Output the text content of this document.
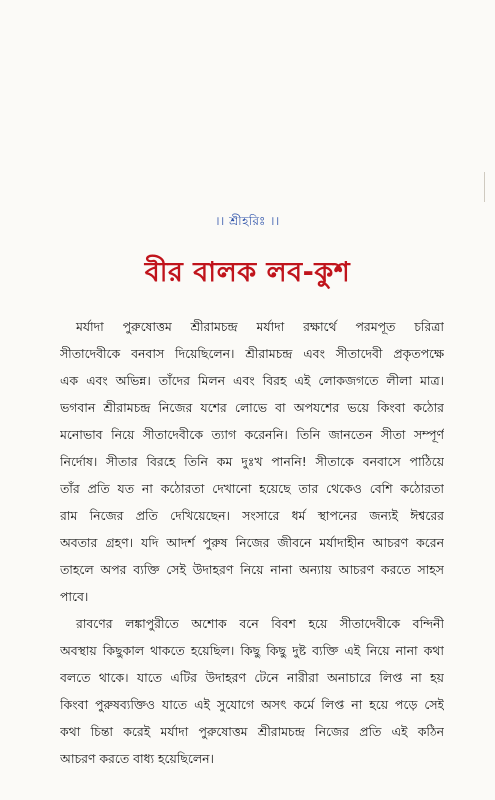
।। শ্রীহরিঃ ।।
বীর বালক লব-কুশ
মর্যাদা পুরুষোত্তম শ্রীরামচন্দ্র মর্যাদা রক্ষার্থে পরমপূত চরিত্রা
সীতাদেবীকে বনবাস দিয়েছিলেন। শ্রীরামচন্দ্র এবং সীতাদেবী প্রকৃতপক্ষে
এক এবং অভিন্ন। তাঁদের মিলন এবং বিরহ এই লোকজগতে লীলা মাত্র।
ভগবান শ্রীরামচন্দ্র নিজের যশের লোভে বা অপযশের ভয়ে কিংবা কঠোর
মনোভাব নিয়ে সীতাদেবীকে ত্যাগ করেননি। তিনি জানতেন সীতা সম্পূর্ণ
নির্দোষ। সীতার বিরহে তিনি কম দুঃখ পাননি! সীতাকে বনবাসে পাঠিয়ে
তাঁর প্রতি যত না কঠোরতা দেখানো হয়েছে তার থেকেও বেশি কঠোরতা
রাম নিজের প্রতি দেখিয়েছেন। সংসারে ধর্ম স্থাপনের জন্যই ঈশ্বরের
অবতার গ্রহণ। যদি আদর্শ পুরুষ নিজের জীবনে মর্যাদাহীন আচরণ করেন
তাহলে অপর ব্যক্তি সেই উদাহরণ নিয়ে নানা অন্যায় আচরণ করতে সাহস
পাবে।
রাবণের লঙ্কাপুরীতে অশোক বনে বিবশ হয়ে সীতাদেবীকে বন্দিনী
অবস্থায় কিছুকাল থাকতে হয়েছিল। কিছু কিছু দুষ্ট ব্যক্তি এই নিয়ে নানা কথা
বলতে থাকে। যাতে এটির উদাহরণ টেনে নারীরা অনাচারে লিপ্ত না হয়
কিংবা পুরুষব্যক্তিও যাতে এই সুযোগে অসৎ কর্মে লিপ্ত না হয়ে পড়ে সেই
কথা চিন্তা করেই মর্যাদা পুরুষোত্তম শ্রীরামচন্দ্র নিজের প্রতি এই কঠিন
আচরণ করতে বাধ্য হয়েছিলেন।
